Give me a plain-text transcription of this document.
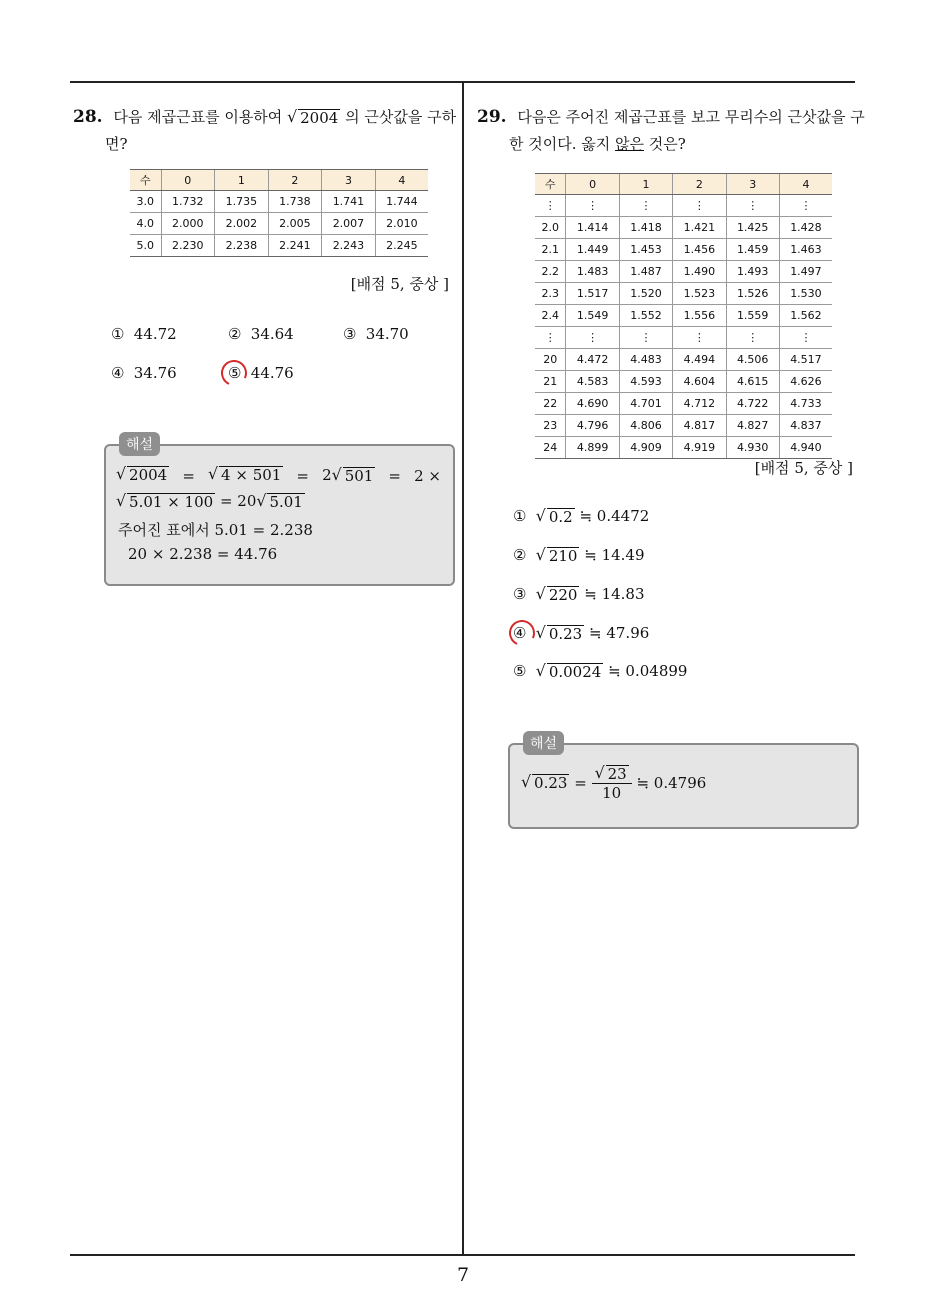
28. 다음 제곱근표를 이용하여 √ 2004 의 근삿값을 구하
면?
수	0	1	2	3	4
3.0	1.732	1.735	1.738	1.741	1.744
4.0	2.000	2.002	2.005	2.007	2.010
5.0	2.230	2.238	2.241	2.243	2.245
[배점 5, 중상 ]
① 44.72	② 34.64	③ 34.70
④ 34.76	⑤ 44.76
해설
√ 2004 = √ 4 × 501 = 2 √ 501 = 2 ×
√ 5.01 × 100 = 20 √ 5.01
주어진 표에서 5.01 = 2.238
20 × 2.238 = 44.76
29. 다음은 주어진 제곱근표를 보고 무리수의 근삿값을 구
한 것이다. 옳지 않은 것은?
수	0	1	2	3	4
⋮	⋮	⋮	⋮	⋮	⋮
2.0	1.414	1.418	1.421	1.425	1.428
2.1	1.449	1.453	1.456	1.459	1.463
2.2	1.483	1.487	1.490	1.493	1.497
2.3	1.517	1.520	1.523	1.526	1.530
2.4	1.549	1.552	1.556	1.559	1.562
⋮	⋮	⋮	⋮	⋮	⋮
20	4.472	4.483	4.494	4.506	4.517
21	4.583	4.593	4.604	4.615	4.626
22	4.690	4.701	4.712	4.722	4.733
23	4.796	4.806	4.817	4.827	4.837
24	4.899	4.909	4.919	4.930	4.940
[배점 5, 중상 ]
① √ 0.2 ≒ 0.4472
② √ 210 ≒ 14.49
③ √ 220 ≒ 14.83
④ √ 0.23 ≒ 47.96
⑤ √ 0.0024 ≒ 0.04899
해설
√ $0.23 = \frac{√ 23}{10}$ ≒ 0.4796
7
